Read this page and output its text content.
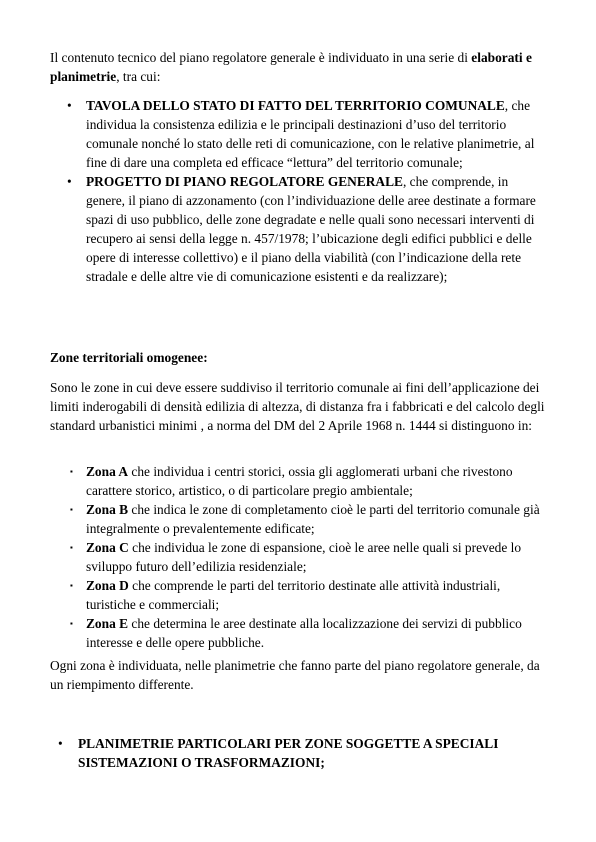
Il contenuto tecnico del piano regolatore generale è individuato in una serie di elaborati e planimetrie, tra cui:

• TAVOLA DELLO STATO DI FATTO DEL TERRITORIO COMUNALE, che individua la consistenza edilizia e le principali destinazioni d’uso del territorio comunale nonché lo stato delle reti di comunicazione, con le relative planimetrie, al fine di dare una completa ed efficace “lettura” del territorio comunale;
• PROGETTO DI PIANO REGOLATORE GENERALE, che comprende, in genere, il piano di azzonamento (con l’individuazione delle aree destinate a formare spazi di uso pubblico, delle zone degradate e nelle quali sono necessari interventi di recupero ai sensi della legge n. 457/1978; l’ubicazione degli edifici pubblici e delle opere di interesse collettivo) e il piano della viabilità (con l’indicazione della rete stradale e delle altre vie di comunicazione esistenti e da realizzare);

Zone territoriali omogenee:

Sono le zone in cui deve essere suddiviso il territorio comunale ai fini dell’applicazione dei limiti inderogabili di densità edilizia di altezza, di distanza fra i fabbricati e del calcolo degli standard urbanistici minimi , a norma del DM del 2 Aprile 1968 n. 1444 si distinguono in:

▪ Zona A che individua i centri storici, ossia gli agglomerati urbani che rivestono carattere storico, artistico, o di particolare pregio ambientale;
▪ Zona B che indica le zone di completamento cioè le parti del territorio comunale già integralmente o prevalentemente edificate;
▪ Zona C che individua le zone di espansione, cioè le aree nelle quali si prevede lo sviluppo futuro dell’edilizia residenziale;
▪ Zona D che comprende le parti del territorio destinate alle attività industriali, turistiche e commerciali;
▪ Zona E che determina le aree destinate alla localizzazione dei servizi di pubblico interesse e delle opere pubbliche.

Ogni zona è individuata, nelle planimetrie che fanno parte del piano regolatore generale, da un riempimento differente.

• PLANIMETRIE PARTICOLARI PER ZONE SOGGETTE A SPECIALI SISTEMAZIONI O TRASFORMAZIONI;
